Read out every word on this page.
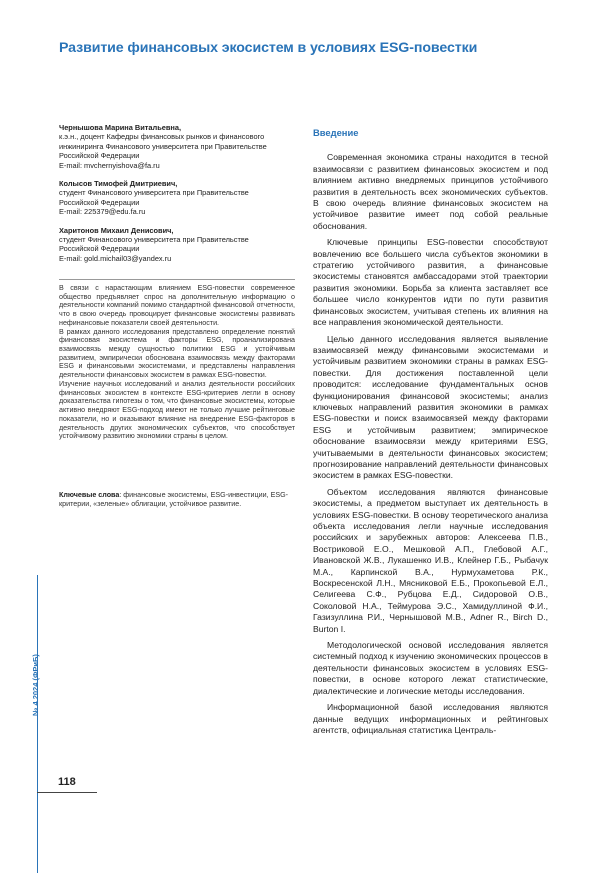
Развитие финансовых экосистем в условиях ESG-повестки
Чернышова Марина Витальевна,
к.э.н., доцент Кафедры финансовых рынков и финансового
инжиниринга Финансового университета при Правительстве
Российской Федерации
E-mail: mvchernyishova@fa.ru
Колысов Тимофей Дмитриевич,
студент Финансового университета при Правительстве
Российской Федерации
E-mail: 225379@edu.fa.ru
Харитонов Михаил Денисович,
студент Финансового университета при Правительстве
Российской Федерации
E-mail: gold.michail03@yandex.ru
В связи с нарастающим влиянием ESG-повестки современное общество предъявляет спрос на дополнительную информацию о деятельности компаний помимо стандартной финансовой отчетности, что в свою очередь провоцирует финансовые экосистемы развивать нефинансовые показатели своей деятельности.
В рамках данного исследования представлено определение понятий финансовая экосистема и факторы ESG, проанализирована взаимосвязь между сущностью политики ESG и устойчивым развитием, эмпирически обоснована взаимосвязь между факторами ESG и финансовыми экосистемами, и представлены направления деятельности финансовых экосистем в рамках ESG-повестки.
Изучение научных исследований и анализ деятельности российских финансовых экосистем в контексте ESG-критериев легли в основу доказательства гипотезы о том, что финансовые экосистемы, которые активно внедряют ESG-подход имеют не только лучшие рейтинговые показатели, но и оказывают влияние на внедрение ESG-факторов в деятельность других экономических субъектов, что способствует устойчивому развитию экономики страны в целом.
Ключевые слова: финансовые экосистемы, ESG-инвестиции, ESG-критерии, «зеленые» облигации, устойчивое развитие.
Введение

Современная экономика страны находится в тесной взаимосвязи с развитием финансовых экосистем и под влиянием активно внедряемых принципов устойчивого развития в деятельность всех экономических субъектов. В свою очередь влияние финансовых экосистем на устойчивое развитие имеет под собой реальные обоснования.

Ключевые принципы ESG-повестки способствуют вовлечению все большего числа субъектов экономики в стратегию устойчивого развития, а финансовые экосистемы становятся амбассадорами этой траектории развития экономики. Борьба за клиента заставляет все большее число конкурентов идти по пути развития финансовых экосистем, учитывая степень их влияния на все направления экономической деятельности.

Целью данного исследования является выявление взаимосвязей между финансовыми экосистемами и устойчивым развитием экономики страны в рамках ESG-повестки. Для достижения поставленной цели проводится: исследование фундаментальных основ функционирования финансовой экосистемы; анализ ключевых направлений развития экономики в рамках ESG-повестки и поиск взаимосвязей между факторами ESG и устойчивым развитием; эмпирическое обоснование взаимосвязи между критериями ESG, учитываемыми в деятельности финансовых экосистем; прогнозирование направлений деятельности финансовых экосистем в рамках ESG-повестки.

Объектом исследования являются финансовые экосистемы, а предметом выступает их деятельность в условиях ESG-повестки. В основу теоретического анализа объекта исследования легли научные исследования российских и зарубежных авторов: Алексеева П.В., Востриковой Е.О., Мешковой А.П., Глебовой А.Г., Ивановской Ж.В., Лукашенко И.В., Клейнер Г.Б., Рыбачук М.А., Карпинской В.А., Нурмухаметова Р.К., Воскресенской Л.Н., Мясниковой Е.Б., Прокопьевой Е.Л., Селигеева С.Ф., Рубцова Е.Д., Сидоровой О.В., Соколовой Н.А., Теймурова Э.С., Хамидуллиной Ф.И., Газизуллина Р.И., Чернышовой М.В., Adner R., Birch D., Burton I.

Методологической основой исследования является системный подход к изучению экономических процессов в деятельности финансовых экосистем в условиях ESG-повестки, в основе которого лежат статистические, диалектические и логические методы исследования.

Информационной базой исследования являются данные ведущих информационных и рейтинговых агентств, официальная статистика Централь-

№ 4 2024 (ФРиБ)
118
